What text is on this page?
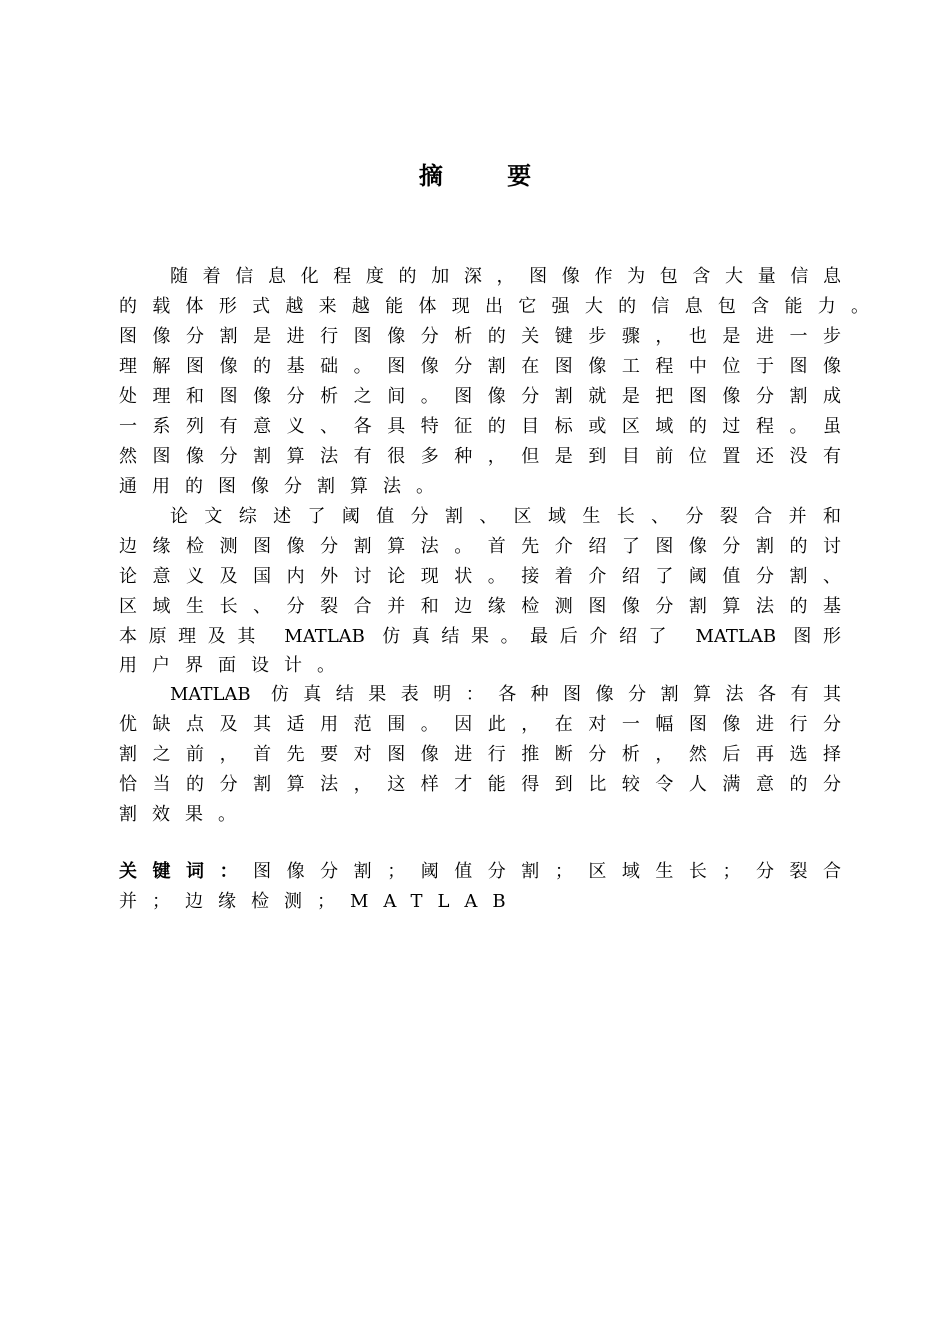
摘 要
随着信息化程度的加深，图像作为包含大量信息
的载体形式越来越能体现出它强大的信息包含能力。
图像分割是进行图像分析的关键步骤，也是进一步
理解图像的基础。图像分割在图像工程中位于图像
处理和图像分析之间。图像分割就是把图像分割成
一系列有意义、各具特征的目标或区域的过程。虽
然图像分割算法有很多种，但是到目前位置还没有
通用的图像分割算法。
论文综述了阈值分割、区域生长、分裂合并和
边缘检测图像分割算法。首先介绍了图像分割的讨
论意义及国内外讨论现状。接着介绍了阈值分割、
区域生长、分裂合并和边缘检测图像分割算法的基
本原理及其 MATLAB 仿真结果。最后介绍了 MATLAB 图形
用户界面设计。
MATLAB 仿真结果表明：各种图像分割算法各有其
优缺点及其适用范围。因此，在对一幅图像进行分
割之前，首先要对图像进行推断分析，然后再选择
恰当的分割算法，这样才能得到比较令人满意的分
割效果。
关键词：图像分割；阈值分割；区域生长；分裂合
并；边缘检测；MATLAB
